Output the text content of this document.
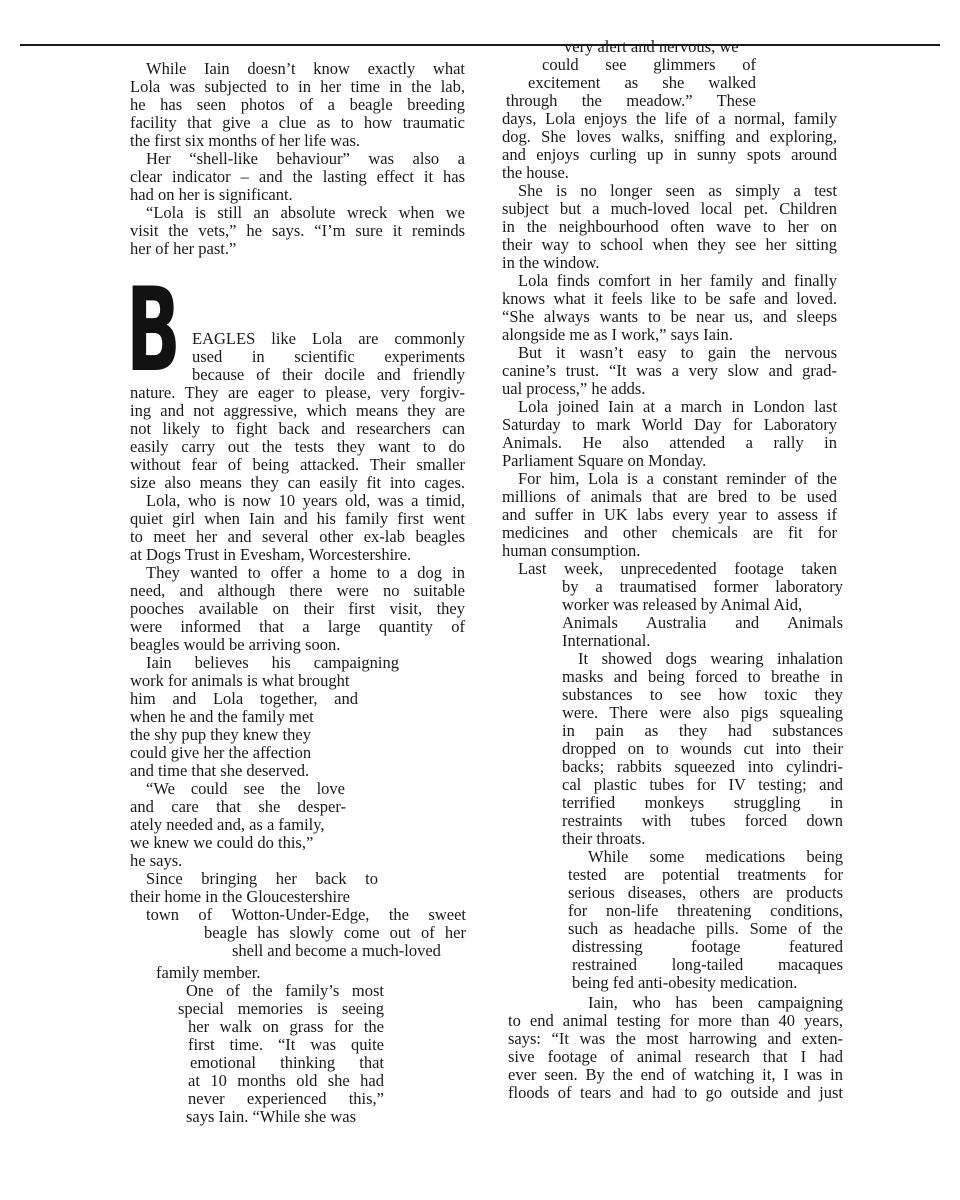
B
While Iain doesn’t know exactly what
Lola was subjected to in her time in the lab,
he has seen photos of a beagle breeding
facility that give a clue as to how traumatic
the first six months of her life was.
Her “shell-like behaviour” was also a
clear indicator – and the lasting effect it has
had on her is significant.
“Lola is still an absolute wreck when we
visit the vets,” he says. “I’m sure it reminds
her of her past.”
EAGLES like Lola are commonly
used in scientific experiments
because of their docile and friendly
nature. They are eager to please, very forgiv-
ing and not aggressive, which means they are
not likely to fight back and researchers can
easily carry out the tests they want to do
without fear of being attacked. Their smaller
size also means they can easily fit into cages.
Lola, who is now 10 years old, was a timid,
quiet girl when Iain and his family first went
to meet her and several other ex-lab beagles
at Dogs Trust in Evesham, Worcestershire.
They wanted to offer a home to a dog in
need, and although there were no suitable
pooches available on their first visit, they
were informed that a large quantity of
beagles would be arriving soon.
Iain believes his campaigning
work for animals is what brought
him and Lola together, and
when he and the family met
the shy pup they knew they
could give her the affection
and time that she deserved.
“We could see the love
and care that she desper-
ately needed and, as a family,
we knew we could do this,”
he says.
Since bringing her back to
their home in the Gloucestershire
town of Wotton-Under-Edge, the sweet
beagle has slowly come out of her
shell and become a much-loved
family member.
One of the family’s most
special memories is seeing
her walk on grass for the
first time. “It was quite
emotional thinking that
at 10 months old she had
never experienced this,”
says Iain. “While she was
very alert and nervous, we
could see glimmers of
excitement as she walked
through the meadow.” These
days, Lola enjoys the life of a normal, family
dog. She loves walks, sniffing and exploring,
and enjoys curling up in sunny spots around
the house.
She is no longer seen as simply a test
subject but a much-loved local pet. Children
in the neighbourhood often wave to her on
their way to school when they see her sitting
in the window.
Lola finds comfort in her family and finally
knows what it feels like to be safe and loved.
“She always wants to be near us, and sleeps
alongside me as I work,” says Iain.
But it wasn’t easy to gain the nervous
canine’s trust. “It was a very slow and grad-
ual process,” he adds.
Lola joined Iain at a march in London last
Saturday to mark World Day for Laboratory
Animals. He also attended a rally in
Parliament Square on Monday.
For him, Lola is a constant reminder of the
millions of animals that are bred to be used
and suffer in UK labs every year to assess if
medicines and other chemicals are fit for
human consumption.
Last week, unprecedented footage taken
by a traumatised former laboratory
worker was released by Animal Aid,
Animals Australia and Animals
International.
It showed dogs wearing inhalation
masks and being forced to breathe in
substances to see how toxic they
were. There were also pigs squealing
in pain as they had substances
dropped on to wounds cut into their
backs; rabbits squeezed into cylindri-
cal plastic tubes for IV testing; and
terrified monkeys struggling in
restraints with tubes forced down
their throats.
While some medications being
tested are potential treatments for
serious diseases, others are products
for non-life threatening conditions,
such as headache pills. Some of the
distressing footage featured
restrained long-tailed macaques
being fed anti-obesity medication.
Iain, who has been campaigning
to end animal testing for more than 40 years,
says: “It was the most harrowing and exten-
sive footage of animal research that I had
ever seen. By the end of watching it, I was in
floods of tears and had to go outside and just
